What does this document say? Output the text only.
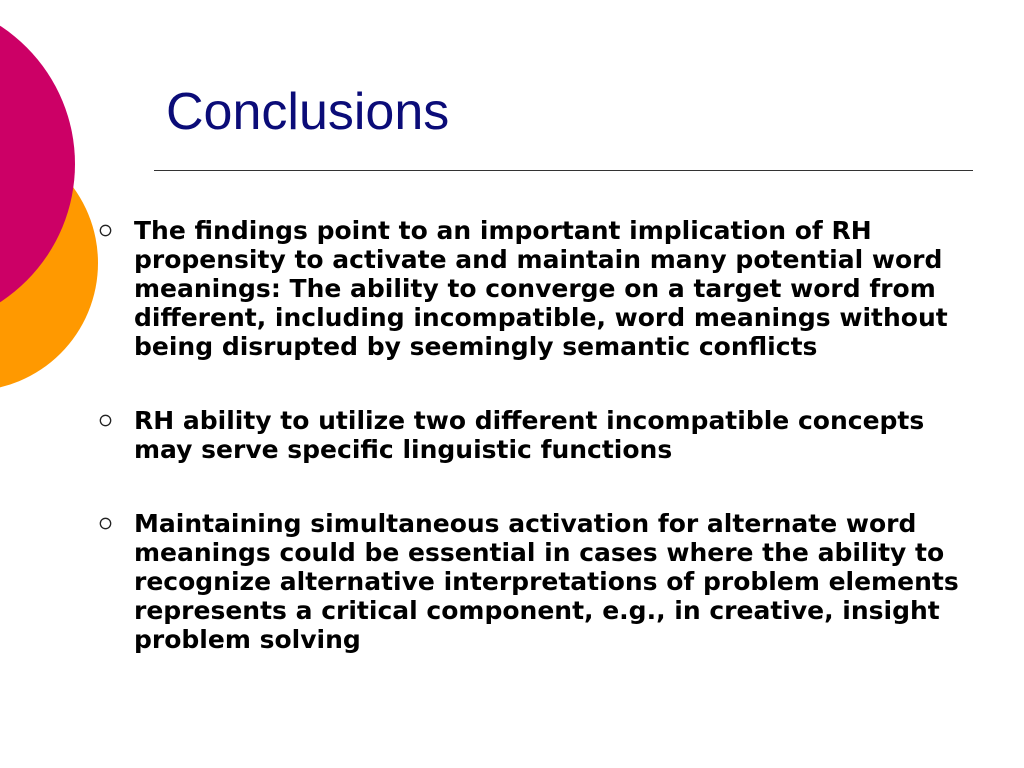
Conclusions
The findings point to an important implication of RH propensity to activate and maintain many potential word meanings: The ability to converge on a target word from different, including incompatible, word meanings without being disrupted by seemingly semantic conflicts
RH ability to utilize two different incompatible concepts may serve specific linguistic functions
Maintaining simultaneous activation for alternate word meanings could be essential in cases where the ability to recognize alternative interpretations of problem elements represents a critical component, e.g., in creative, insight problem solving
